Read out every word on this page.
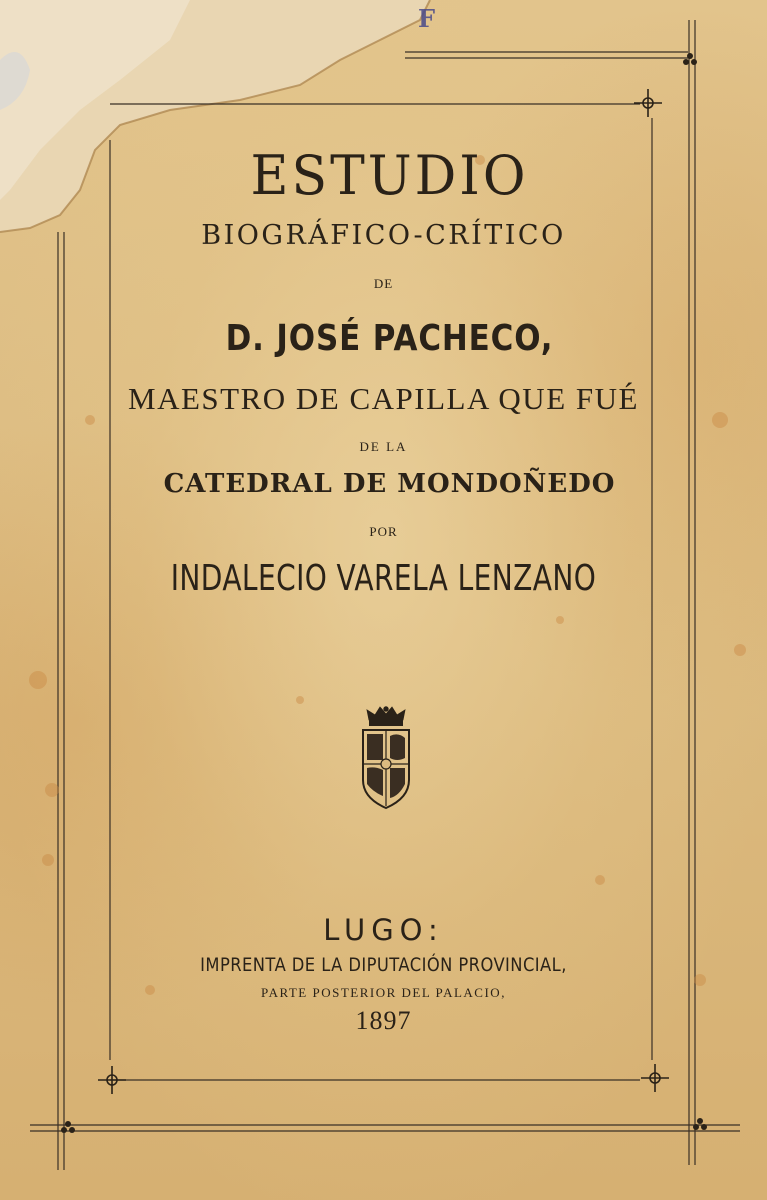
F
ESTUDIO
BIOGRÁFICO-CRÍTICO
DE
D. JOSÉ PACHECO,
MAESTRO DE CAPILLA QUE FUÉ
DE LA
CATEDRAL DE MONDOÑEDO
POR
INDALECIO VARELA LENZANO
LUGO:
IMPRENTA DE LA DIPUTACIÓN PROVINCIAL,
PARTE POSTERIOR DEL PALACIO,
1897
